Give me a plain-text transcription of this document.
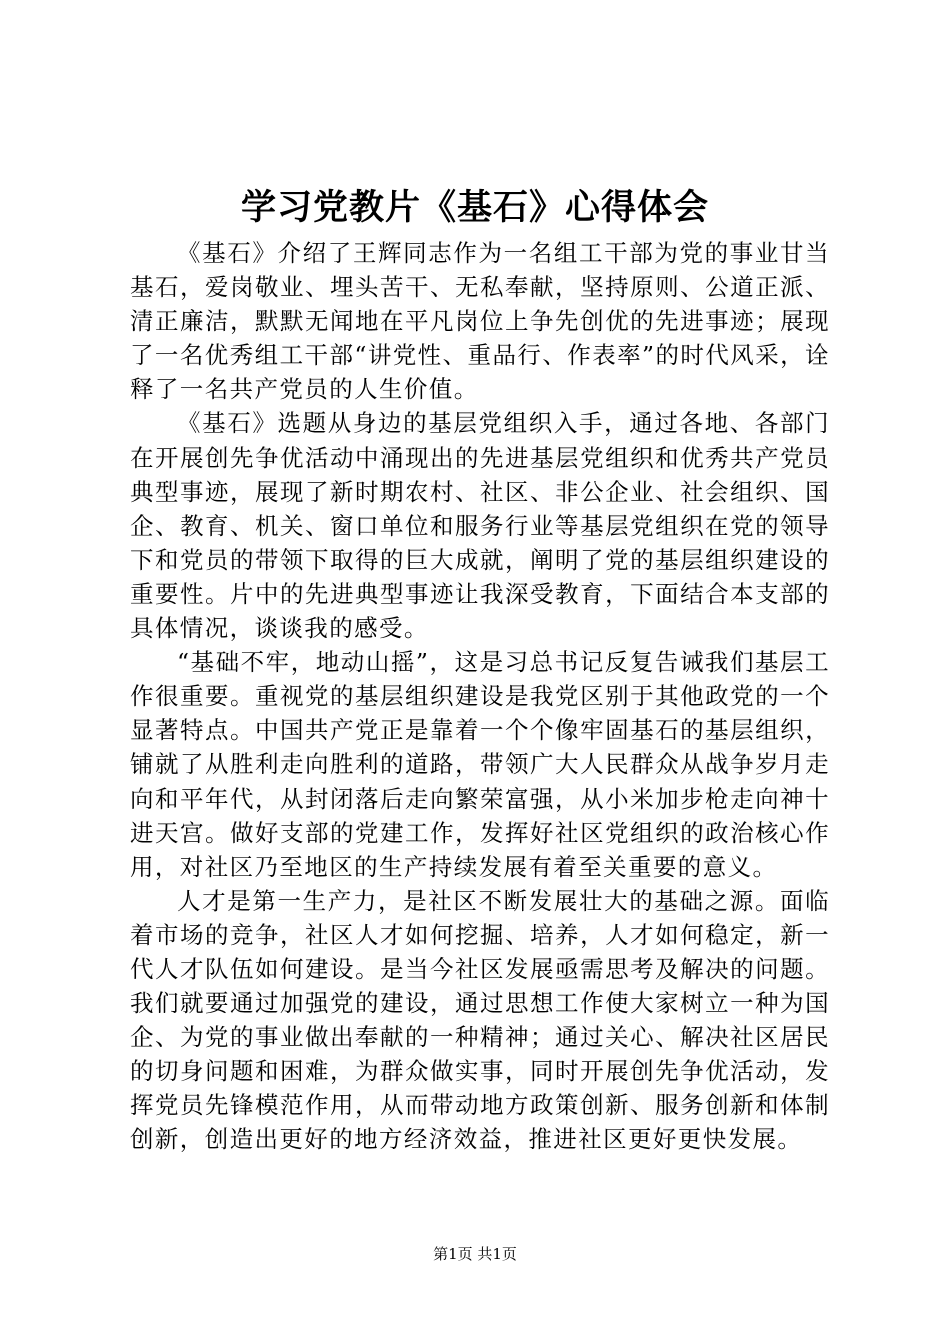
学习党教片《基石》心得体会

《基石》介绍了王辉同志作为一名组工干部为党的事业甘当基石，爱岗敬业、埋头苦干、无私奉献，坚持原则、公道正派、清正廉洁，默默无闻地在平凡岗位上争先创优的先进事迹；展现了一名优秀组工干部“讲党性、重品行、作表率”的时代风采，诠释了一名共产党员的人生价值。

《基石》选题从身边的基层党组织入手，通过各地、各部门在开展创先争优活动中涌现出的先进基层党组织和优秀共产党员典型事迹，展现了新时期农村、社区、非公企业、社会组织、国企、教育、机关、窗口单位和服务行业等基层党组织在党的领导下和党员的带领下取得的巨大成就，阐明了党的基层组织建设的重要性。片中的先进典型事迹让我深受教育，下面结合本支部的具体情况，谈谈我的感受。

“基础不牢，地动山摇”，这是习总书记反复告诫我们基层工作很重要。重视党的基层组织建设是我党区别于其他政党的一个显著特点。中国共产党正是靠着一个个像牢固基石的基层组织，铺就了从胜利走向胜利的道路，带领广大人民群众从战争岁月走向和平年代，从封闭落后走向繁荣富强，从小米加步枪走向神十进天宫。做好支部的党建工作，发挥好社区党组织的政治核心作用，对社区乃至地区的生产持续发展有着至关重要的意义。

人才是第一生产力，是社区不断发展壮大的基础之源。面临着市场的竞争，社区人才如何挖掘、培养，人才如何稳定，新一代人才队伍如何建设。是当今社区发展亟需思考及解决的问题。我们就要通过加强党的建设，通过思想工作使大家树立一种为国企、为党的事业做出奉献的一种精神；通过关心、解决社区居民的切身问题和困难，为群众做实事，同时开展创先争优活动，发挥党员先锋模范作用，从而带动地方政策创新、服务创新和体制创新，创造出更好的地方经济效益，推进社区更好更快发展。

第1页 共1页
